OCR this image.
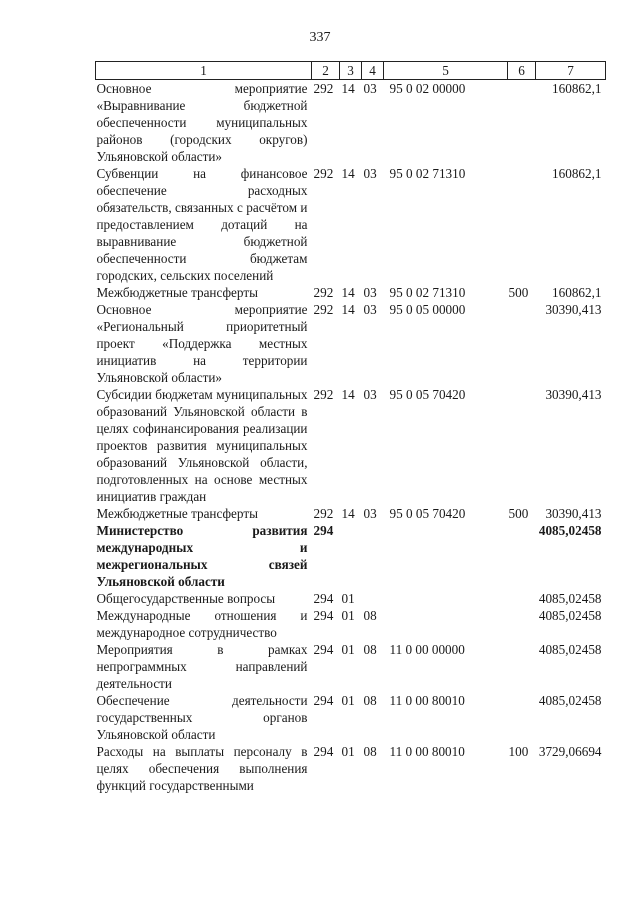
337
1	2	3	4	5	6	7
Основное мероприятие «Выравнивание бюджетной обеспеченности муниципальных районов (городских округов) Ульяновской области»	292	14	03	95 0 02 00000		160862,1
Субвенции на финансовое обеспечение расходных обязательств, связанных с расчётом и предоставлением дотаций на выравнивание бюджетной обеспеченности бюджетам городских, сельских поселений	292	14	03	95 0 02 71310		160862,1
Межбюджетные трансферты	292	14	03	95 0 02 71310	500	160862,1
Основное мероприятие «Региональный приоритетный проект «Поддержка местных инициатив на территории Ульяновской области»	292	14	03	95 0 05 00000		30390,413
Субсидии бюджетам муниципальных образований Ульяновской области в целях софинансирования реализации проектов развития муниципальных образований Ульяновской области, подготовленных на основе местных инициатив граждан	292	14	03	95 0 05 70420		30390,413
Межбюджетные трансферты	292	14	03	95 0 05 70420	500	30390,413
Министерство развития международных и межрегиональных связей Ульяновской области	294					4085,02458
Общегосударственные вопросы	294	01				4085,02458
Международные отношения и международное сотрудничество	294	01	08			4085,02458
Мероприятия в рамках непрограммных направлений деятельности	294	01	08	11 0 00 00000		4085,02458
Обеспечение деятельности государственных органов Ульяновской области	294	01	08	11 0 00 80010		4085,02458
Расходы на выплаты персоналу в целях обеспечения выполнения функций государственными	294	01	08	11 0 00 80010	100	3729,06694
